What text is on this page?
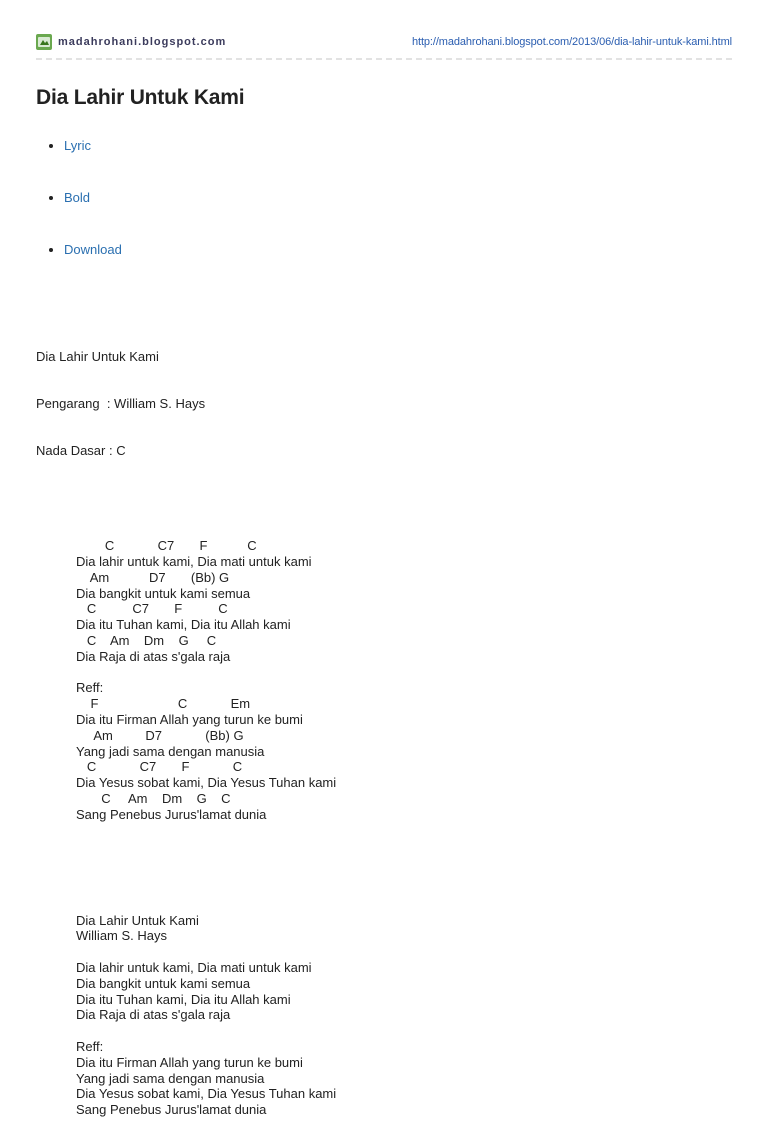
madahrohani.blogspot.com	http://madahrohani.blogspot.com/2013/06/dia-lahir-untuk-kami.html
Dia Lahir Untuk Kami
Lyric
Bold
Download

Dia Lahir Untuk Kami

Pengarang  : William S. Hays

Nada Dasar : C

C            C7       F           C
Dia lahir untuk kami, Dia mati untuk kami
Am           D7       (Bb) G
Dia bangkit untuk kami semua
C          C7       F          C
Dia itu Tuhan kami, Dia itu Allah kami
C    Am    Dm    G     C
Dia Raja di atas s'gala raja

Reff:
F                      C            Em
Dia itu Firman Allah yang turun ke bumi
Am         D7            (Bb) G
Yang jadi sama dengan manusia
C            C7       F            C
Dia Yesus sobat kami, Dia Yesus Tuhan kami
C     Am    Dm    G    C
Sang Penebus Jurus'lamat dunia

Dia Lahir Untuk Kami
William S. Hays

Dia lahir untuk kami, Dia mati untuk kami
Dia bangkit untuk kami semua
Dia itu Tuhan kami, Dia itu Allah kami
Dia Raja di atas s'gala raja

Reff:
Dia itu Firman Allah yang turun ke bumi
Yang jadi sama dengan manusia
Dia Yesus sobat kami, Dia Yesus Tuhan kami
Sang Penebus Jurus'lamat dunia
